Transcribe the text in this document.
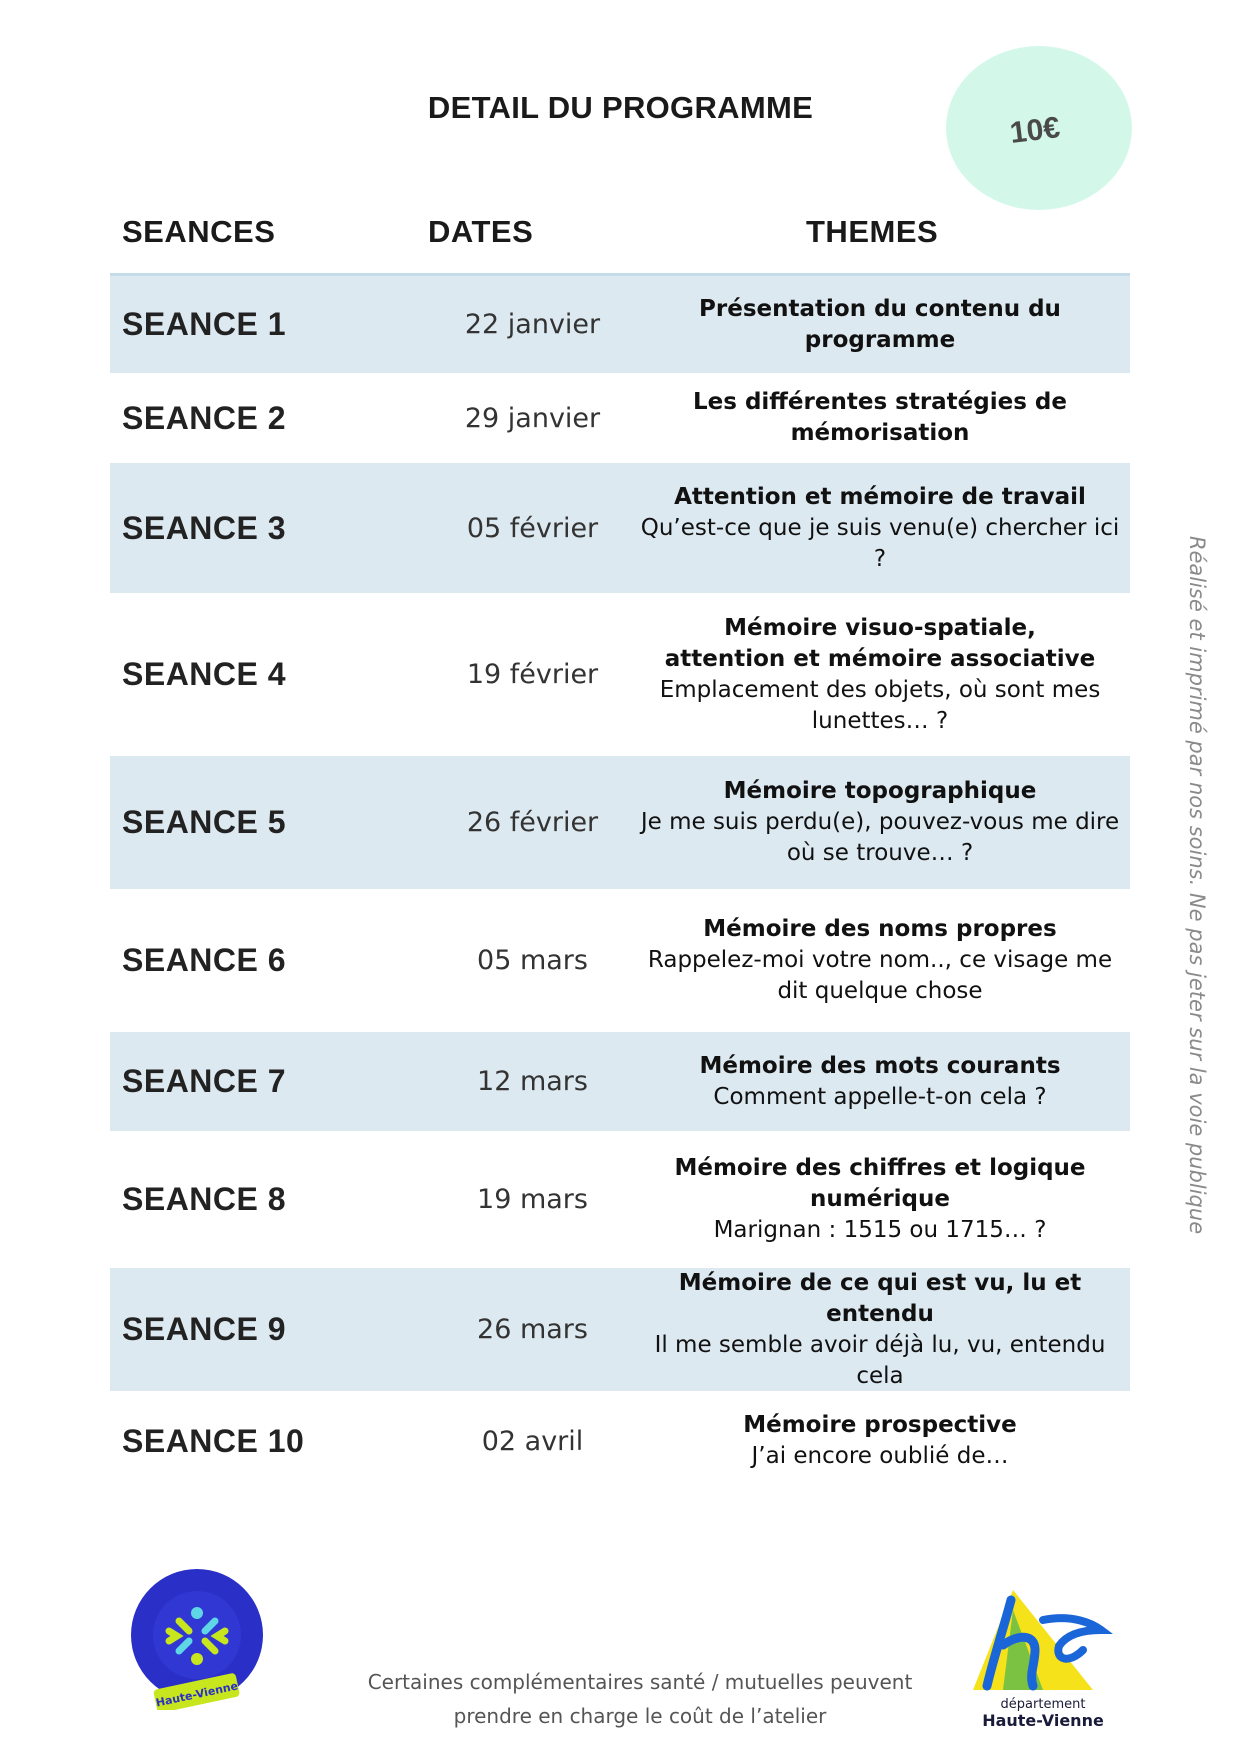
DETAIL DU PROGRAMME
10€
SEANCES	DATES	THEMES
SEANCE 1	22 janvier
Présentation du contenu du programme
SEANCE 2	29 janvier
Les différentes stratégies de mémorisation
SEANCE 3	05 février
Attention et mémoire de travail
Qu’est-ce que je suis venu(e) chercher ici ?
SEANCE 4	19 février
Mémoire visuo-spatiale,
attention et mémoire associative
Emplacement des objets, où sont mes lunettes… ?
SEANCE 5	26 février
Mémoire topographique
Je me suis perdu(e), pouvez-vous me dire où se trouve… ?
SEANCE 6	05 mars
Mémoire des noms propres
Rappelez-moi votre nom.., ce visage me dit quelque chose
SEANCE 7	12 mars
Mémoire des mots courants
Comment appelle-t-on cela ?
SEANCE 8	19 mars
Mémoire des chiffres et logique numérique
Marignan : 1515 ou 1715… ?
SEANCE 9	26 mars
Mémoire de ce qui est vu, lu et entendu
Il me semble avoir déjà lu, vu, entendu cela
SEANCE 10	02 avril
Mémoire prospective
J’ai encore oublié de…
Réalisé et imprimé par nos soins. Ne pas jeter sur la voie publique
Haute-Vienne	Certaines complémentaires santé / mutuelles peuvent
prendre en charge le coût de l’atelier	département
Haute-Vienne
